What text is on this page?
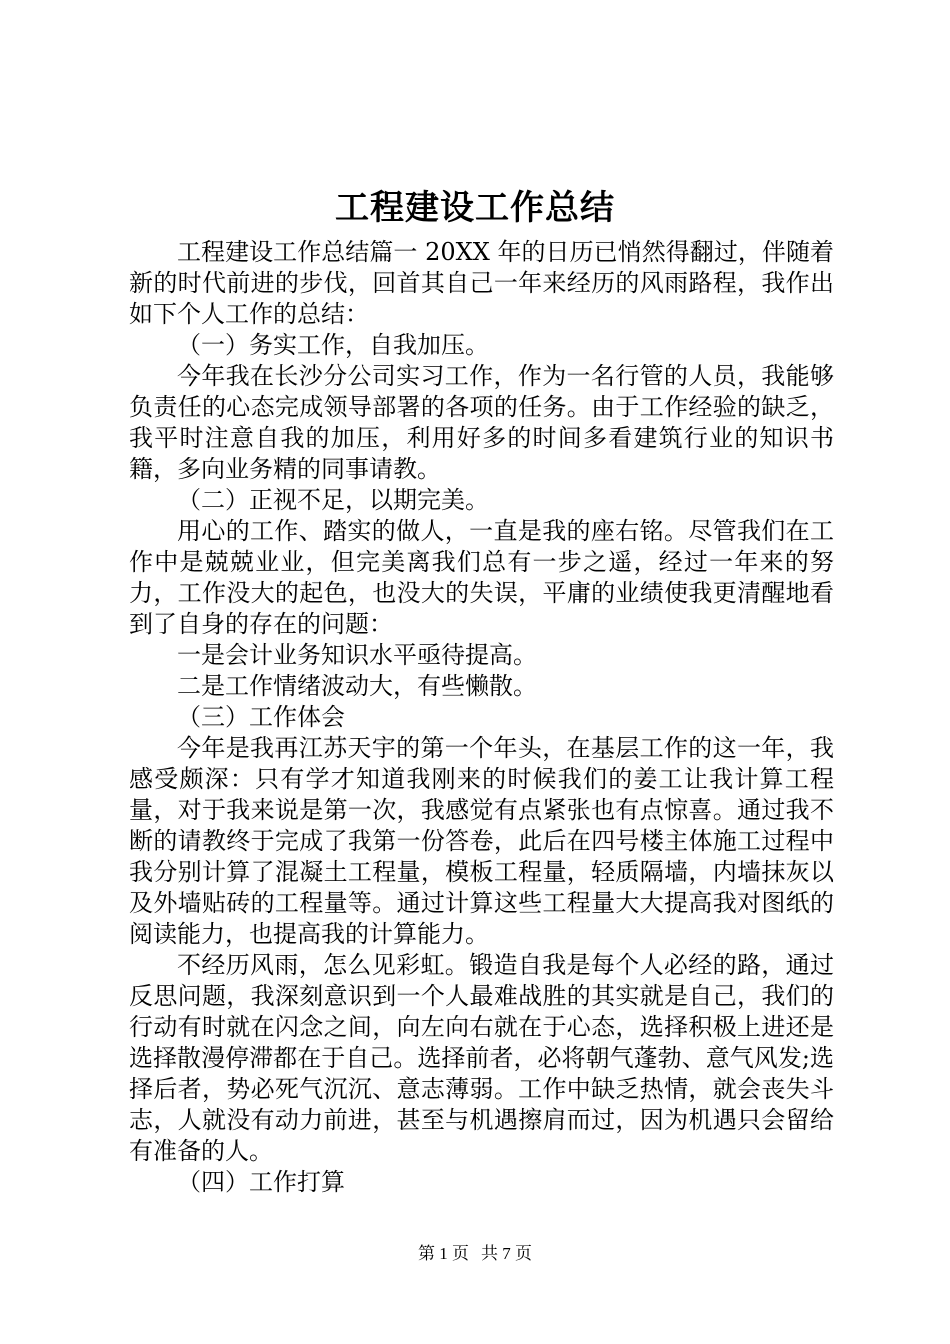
工程建设工作总结

工程建设工作总结篇一 20XX 年的日历已悄然得翻过，伴随着新的时代前进的步伐，回首其自己一年来经历的风雨路程，我作出如下个人工作的总结：

（一）务实工作，自我加压。

今年我在长沙分公司实习工作，作为一名行管的人员，我能够负责任的心态完成领导部署的各项的任务。由于工作经验的缺乏，我平时注意自我的加压，利用好多的时间多看建筑行业的知识书籍，多向业务精的同事请教。

（二）正视不足，以期完美。

用心的工作、踏实的做人，一直是我的座右铭。尽管我们在工作中是兢兢业业，但完美离我们总有一步之遥，经过一年来的努力，工作没大的起色，也没大的失误，平庸的业绩使我更清醒地看到了自身的存在的问题：

一是会计业务知识水平亟待提高。

二是工作情绪波动大，有些懒散。

（三）工作体会

今年是我再江苏天宇的第一个年头，在基层工作的这一年，我感受颇深：只有学才知道我刚来的时候我们的姜工让我计算工程量，对于我来说是第一次，我感觉有点紧张也有点惊喜。通过我不断的请教终于完成了我第一份答卷，此后在四号楼主体施工过程中我分别计算了混凝土工程量，模板工程量，轻质隔墙，内墙抹灰以及外墙贴砖的工程量等。通过计算这些工程量大大提高我对图纸的阅读能力，也提高我的计算能力。

不经历风雨，怎么见彩虹。锻造自我是每个人必经的路，通过反思问题，我深刻意识到一个人最难战胜的其实就是自己，我们的行动有时就在闪念之间，向左向右就在于心态，选择积极上进还是选择散漫停滞都在于自己。选择前者，必将朝气蓬勃、意气风发;选择后者，势必死气沉沉、意志薄弱。工作中缺乏热情，就会丧失斗志，人就没有动力前进，甚至与机遇擦肩而过，因为机遇只会留给有准备的人。

（四）工作打算

第 1 页 共 7 页
